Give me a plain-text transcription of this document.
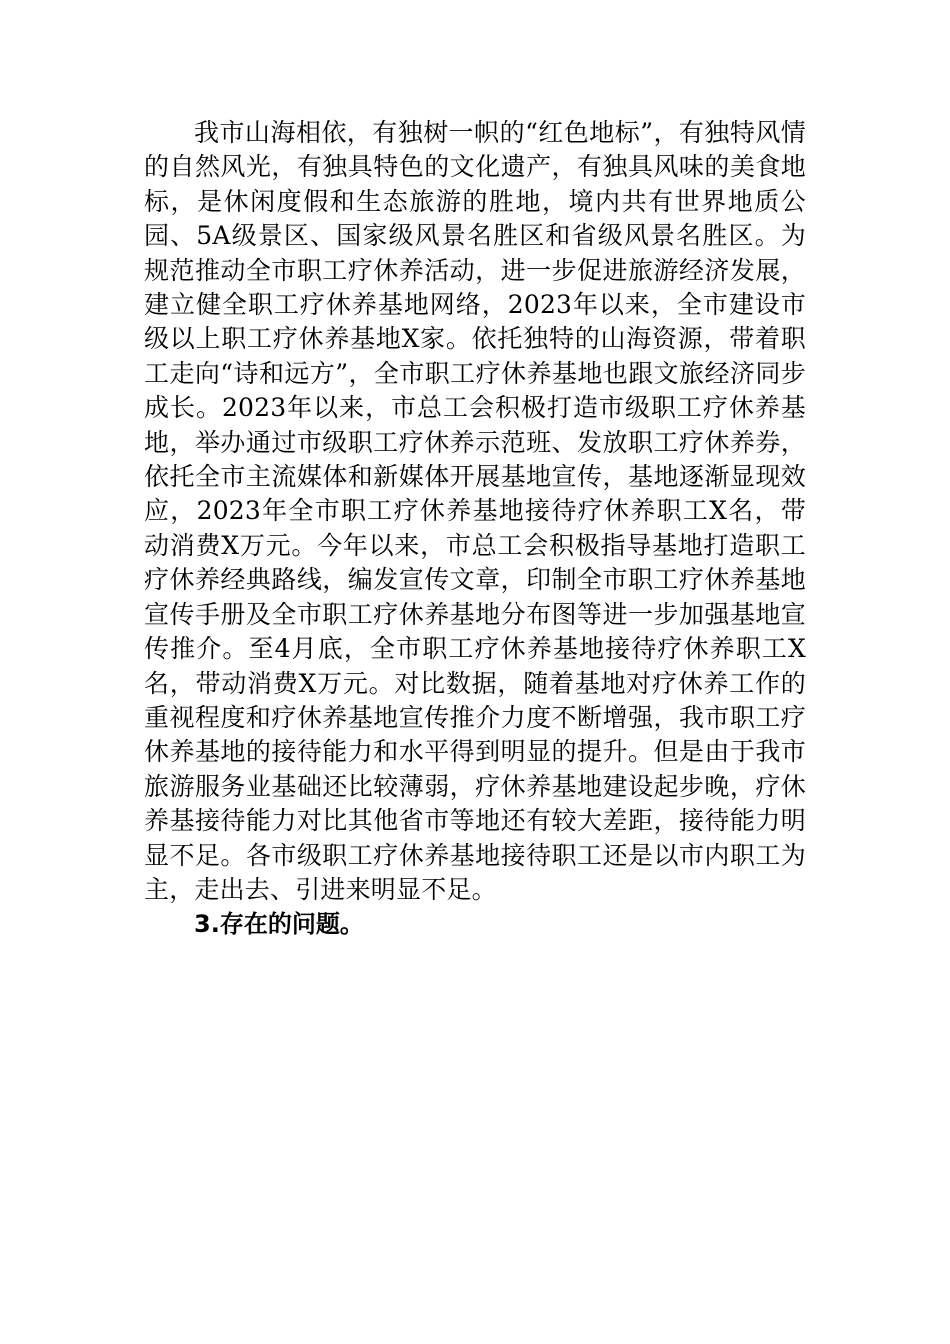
我市山海相依，有独树一帜的“红色地标”，有独特风情的自然风光，有独具特色的文化遗产，有独具风味的美食地标，是休闲度假和生态旅游的胜地，境内共有世界地质公园、5A级景区、国家级风景名胜区和省级风景名胜区。为规范推动全市职工疗休养活动，进一步促进旅游经济发展，建立健全职工疗休养基地网络，2023年以来，全市建设市级以上职工疗休养基地X家。依托独特的山海资源，带着职工走向“诗和远方”，全市职工疗休养基地也跟文旅经济同步成长。2023年以来，市总工会积极打造市级职工疗休养基地，举办通过市级职工疗休养示范班、发放职工疗休养券，依托全市主流媒体和新媒体开展基地宣传，基地逐渐显现效应，2023年全市职工疗休养基地接待疗休养职工X名，带动消费X万元。今年以来，市总工会积极指导基地打造职工疗休养经典路线，编发宣传文章，印制全市职工疗休养基地宣传手册及全市职工疗休养基地分布图等进一步加强基地宣传推介。至4月底，全市职工疗休养基地接待疗休养职工X名，带动消费X万元。对比数据，随着基地对疗休养工作的重视程度和疗休养基地宣传推介力度不断增强，我市职工疗休养基地的接待能力和水平得到明显的提升。但是由于我市旅游服务业基础还比较薄弱，疗休养基地建设起步晚，疗休养基接待能力对比其他省市等地还有较大差距，接待能力明显不足。各市级职工疗休养基地接待职工还是以市内职工为主，走出去、引进来明显不足。

3.存在的问题。
